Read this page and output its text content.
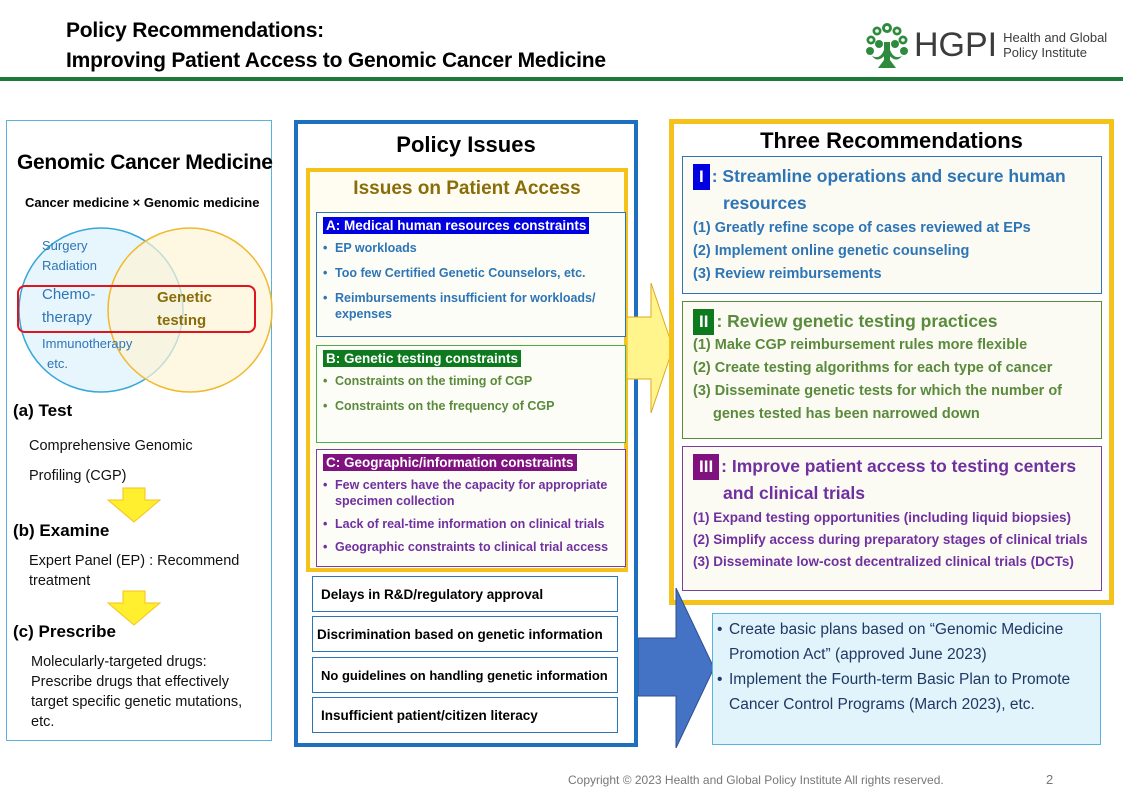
Policy Recommendations:
Improving Patient Access to Genomic Cancer Medicine	HGPI Health and Global
Policy Institute
Genomic Cancer Medicine
Cancer medicine × Genomic medicine
Surgery
Radiation
Chemo-
therapy
Genetic
testing
Immunotherapy
etc.
(a) Test
Comprehensive Genomic
Profiling (CGP)
(b) Examine
Expert Panel (EP) : Recommend
treatment
(c) Prescribe
Molecularly-targeted drugs:
Prescribe drugs that effectively
target specific genetic mutations,
etc.
Policy Issues
Issues on Patient Access
A: Medical human resources constraints
• EP workloads
• Too few Certified Genetic Counselors, etc.
• Reimbursements insufficient for workloads/ expenses
B: Genetic testing constraints
• Constraints on the timing of CGP
• Constraints on the frequency of CGP
C: Geographic/information constraints
• Few centers have the capacity for appropriate specimen collection
• Lack of real-time information on clinical trials
• Geographic constraints to clinical trial access
Delays in R&D/regulatory approval
Discrimination based on genetic information
No guidelines on handling genetic information
Insufficient patient/citizen literacy
Three Recommendations
I : Streamline operations and secure human
resources
(1) Greatly refine scope of cases reviewed at EPs
(2) Implement online genetic counseling
(3) Review reimbursements
II : Review genetic testing practices
(1) Make CGP reimbursement rules more flexible
(2) Create testing algorithms for each type of cancer
(3) Disseminate genetic tests for which the number of genes tested has been narrowed down
III : Improve patient access to testing centers
and clinical trials
(1) Expand testing opportunities (including liquid biopsies)
(2) Simplify access during preparatory stages of clinical trials
(3) Disseminate low-cost decentralized clinical trials (DCTs)
• Create basic plans based on “Genomic Medicine Promotion Act” (approved June 2023)
• Implement the Fourth-term Basic Plan to Promote Cancer Control Programs (March 2023), etc.
Copyright © 2023 Health and Global Policy Institute All rights reserved.	2
